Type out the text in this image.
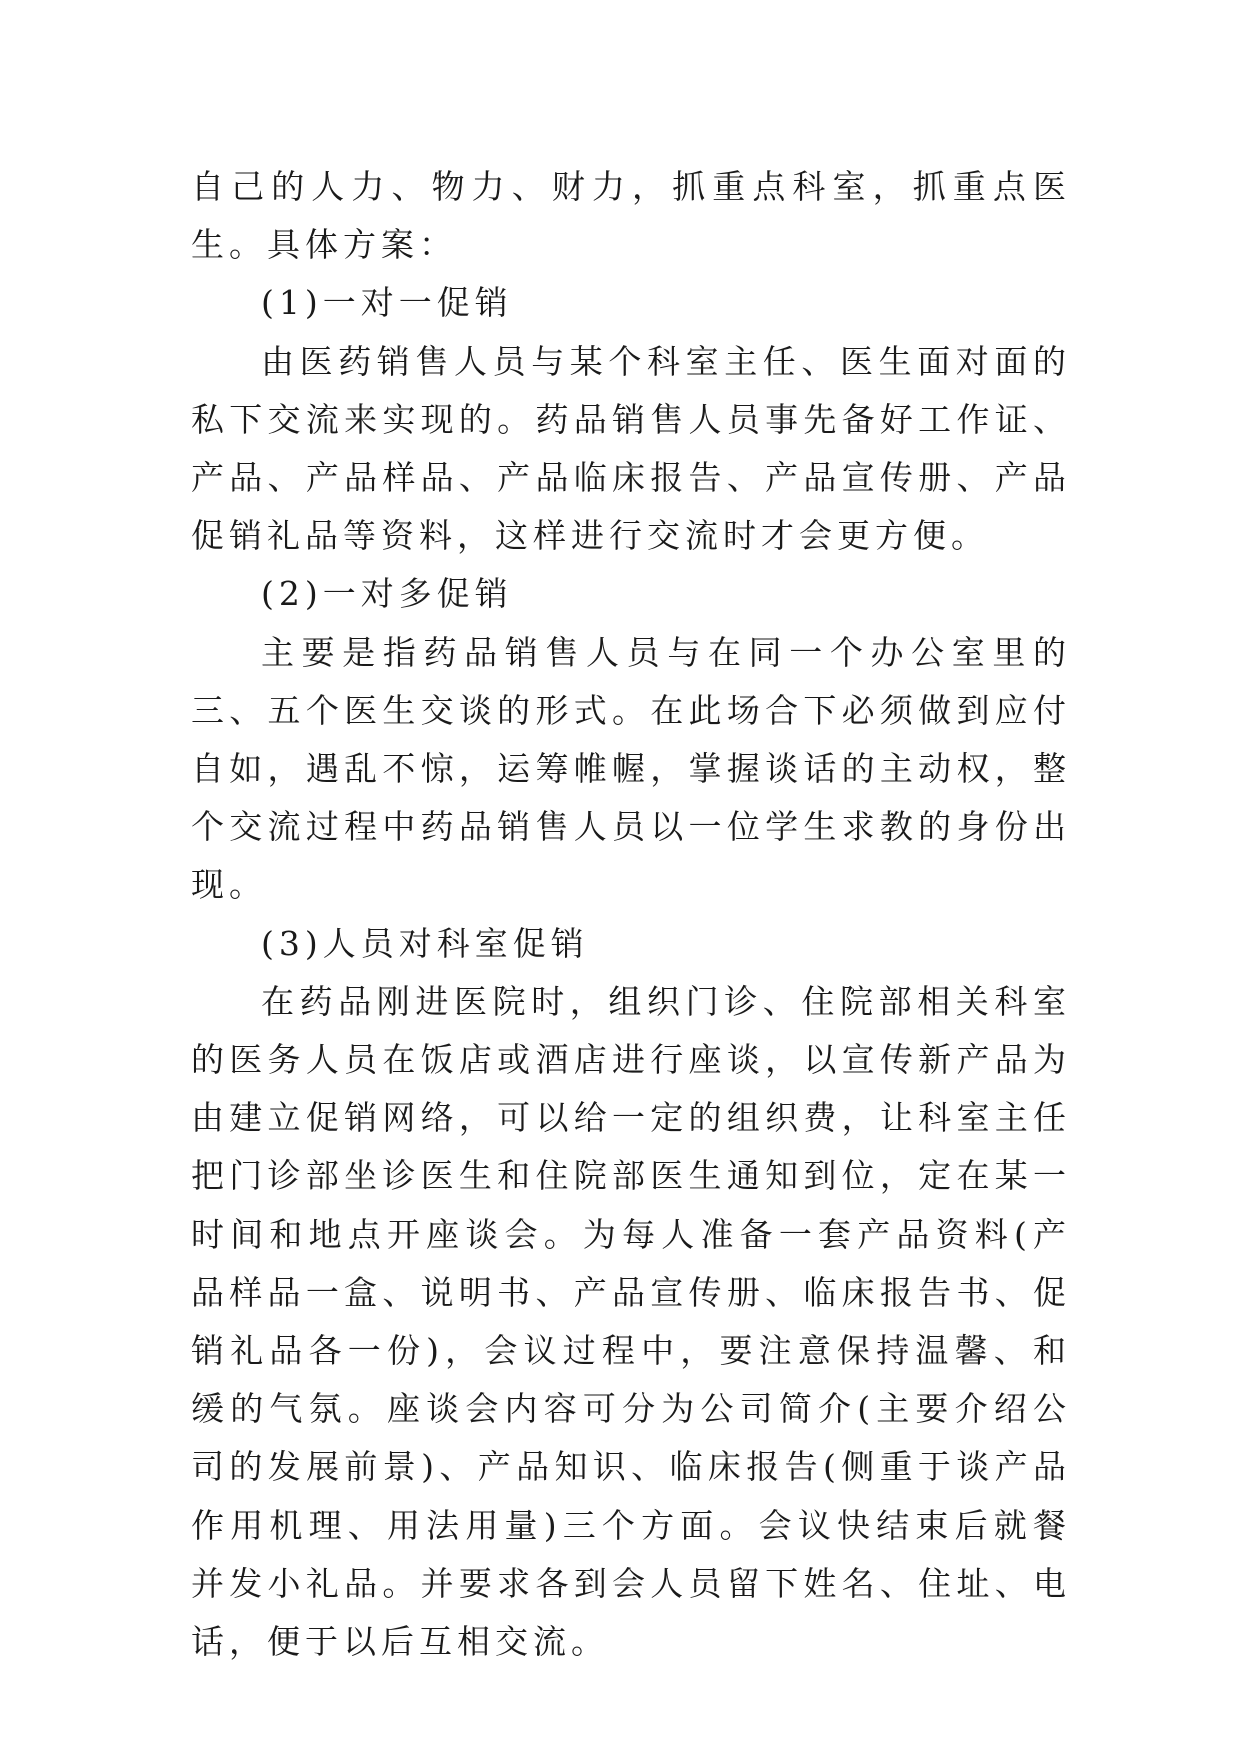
自己的人力、物力、财力，抓重点科室，抓重点医生。具体方案：

(1)一对一促销

由医药销售人员与某个科室主任、医生面对面的私下交流来实现的。药品销售人员事先备好工作证、产品、产品样品、产品临床报告、产品宣传册、产品促销礼品等资料，这样进行交流时才会更方便。

(2)一对多促销

主要是指药品销售人员与在同一个办公室里的三、五个医生交谈的形式。在此场合下必须做到应付自如，遇乱不惊，运筹帷幄，掌握谈话的主动权，整个交流过程中药品销售人员以一位学生求教的身份出现。

(3)人员对科室促销

在药品刚进医院时，组织门诊、住院部相关科室的医务人员在饭店或酒店进行座谈，以宣传新产品为由建立促销网络，可以给一定的组织费，让科室主任把门诊部坐诊医生和住院部医生通知到位，定在某一时间和地点开座谈会。为每人准备一套产品资料(产品样品一盒、说明书、产品宣传册、临床报告书、促销礼品各一份)，会议过程中，要注意保持温馨、和缓的气氛。座谈会内容可分为公司简介(主要介绍公司的发展前景)、产品知识、临床报告(侧重于谈产品作用机理、用法用量)三个方面。会议快结束后就餐并发小礼品。并要求各到会人员留下姓名、住址、电话，便于以后互相交流。
